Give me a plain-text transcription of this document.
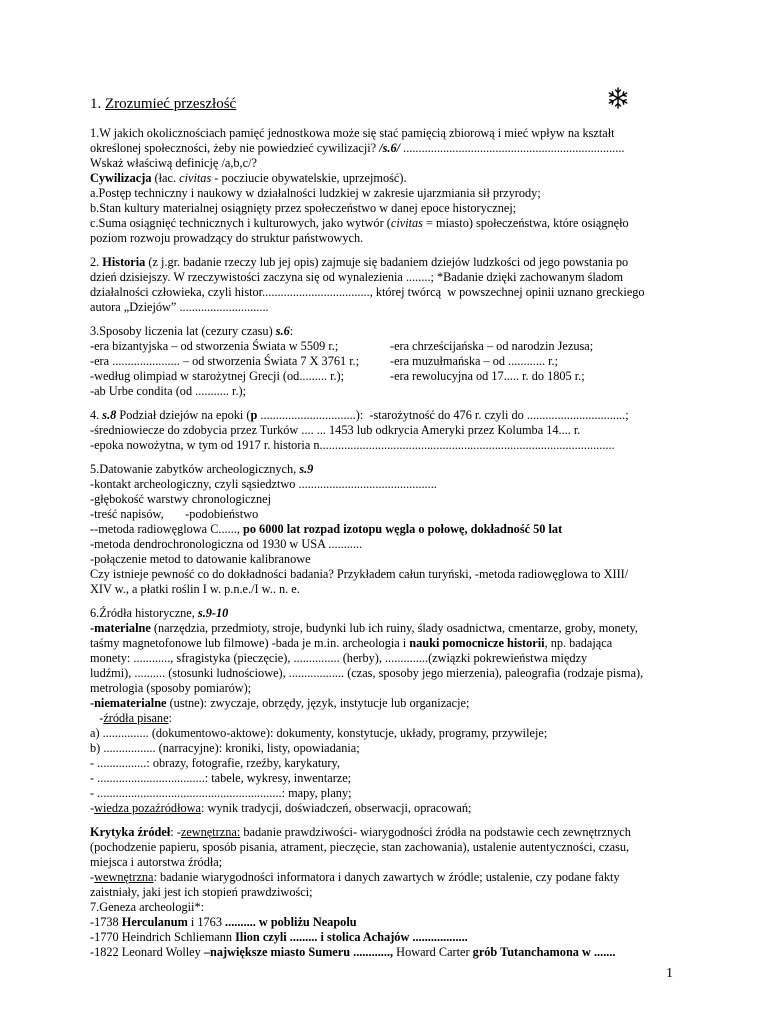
1. Zrozumieć przeszłość
1.W jakich okolicznościach pamięć jednostkowa może się stać pamięcią zbiorową i mieć wpływ na kształt
określonej społeczności, żeby nie powiedzieć cywilizacji? /s.6/ ........................................................................
Wskaż właściwą definicję /a,b,c/?
Cywilizacja (łac. civitas - pocziucie obywatelskie, uprzejmość).
a.Postęp techniczny i naukowy w działalności ludzkiej w zakresie ujarzmiania sił przyrody;
b.Stan kultury materialnej osiągnięty przez społeczeństwo w danej epoce historycznej;
c.Suma osiągnięć technicznych i kulturowych, jako wytwór (civitas = miasto) społeczeństwa, które osiągnęło
poziom rozwoju prowadzący do struktur państwowych.
2. Historia (z j.gr. badanie rzeczy lub jej opis) zajmuje się badaniem dziejów ludzkości od jego powstania po
dzień dzisiejszy. W rzeczywistości zaczyna się od wynalezienia ........; *Badanie dzięki zachowanym śladom
działalności człowieka, czyli histor..................................., której twórcą  w powszechnej opinii uznano greckiego
autora „Dziejów” .............................
3.Sposoby liczenia lat (cezury czasu) s.6:
-era bizantyjska – od stworzenia Świata w 5509 r.;	-era chrześcijańska – od narodzin Jezusa;
-era ...................... – od stworzenia Świata 7 X 3761 r.;	-era muzułmańska – od ............ r.;
-według olimpiad w starożytnej Grecji (od......... r.);	-era rewolucyjna od 17..... r. do 1805 r.;
-ab Urbe condita (od ........... r.);
4. s.8 Podział dziejów na epoki (p ...............................):  -starożytność do 476 r. czyli do ................................;
-średniowiecze do zdobycia przez Turków .... ... 1453 lub odkrycia Ameryki przez Kolumba 14.... r.
-epoka nowożytna, w tym od 1917 r. historia n................................................................................................
5.Datowanie zabytków archeologicznych, s.9
-kontakt archeologiczny, czyli sąsiedztwo .............................................
-głębokość warstwy chronologicznej
-treść napisów,       -podobieństwo
--metoda radiowęglowa C......, po 6000 lat rozpad izotopu węgla o połowę, dokładność 50 lat
-metoda dendrochronologiczna od 1930 w USA ...........
-połączenie metod to datowanie kalibranowe
Czy istnieje pewność co do dokładności badania? Przykładem całun turyński, -metoda radiowęglowa to XIII/
XIV w., a płatki roślin I w. p.n.e./I w.. n. e.
6.Źródła historyczne, s.9-10
-materialne (narzędzia, przedmioty, stroje, budynki lub ich ruiny, ślady osadnictwa, cmentarze, groby, monety,
taśmy magnetofonowe lub filmowe) -bada je m.in. archeologia i nauki pomocnicze historii, np. badająca
monety: ............, sfragistyka (pieczęcie), ............... (herby), ..............(związki pokrewieństwa między
ludźmi), .......... (stosunki ludnościowe), .................. (czas, sposoby jego mierzenia), paleografia (rodzaje pisma),
metrologia (sposoby pomiarów);
-niematerialne (ustne): zwyczaje, obrzędy, język, instytucje lub organizacje;
-źródła pisane:
a) ............... (dokumentowo-aktowe): dokumenty, konstytucje, układy, programy, przywileje;
b) ................. (narracyjne): kroniki, listy, opowiadania;
- ................: obrazy, fotografie, rzeźby, karykatury,
- ...................................: tabele, wykresy, inwentarze;
- ............................................................: mapy, plany;
-wiedza pozaźródłowa: wynik tradycji, doświadczeń, obserwacji, opracowań;
Krytyka źródeł: -zewnętrzna: badanie prawdziwości- wiarygodności źródła na podstawie cech zewnętrznych
(pochodzenie papieru, sposób pisania, atrament, pieczęcie, stan zachowania), ustalenie autentyczności, czasu,
miejsca i autorstwa źródła;
-wewnętrzna: badanie wiarygodności informatora i danych zawartych w źródle; ustalenie, czy podane fakty
zaistniały, jaki jest ich stopień prawdziwości;
7.Geneza archeologii*:
-1738 Herculanum i 1763 .......... w pobliżu Neapolu
-1770 Heindrich Schliemann Ilion czyli ......... i stolica Achajów ..................
-1822 Leonard Wolley –największe miasto Sumeru ............, Howard Carter grób Tutanchamona w .......
1
